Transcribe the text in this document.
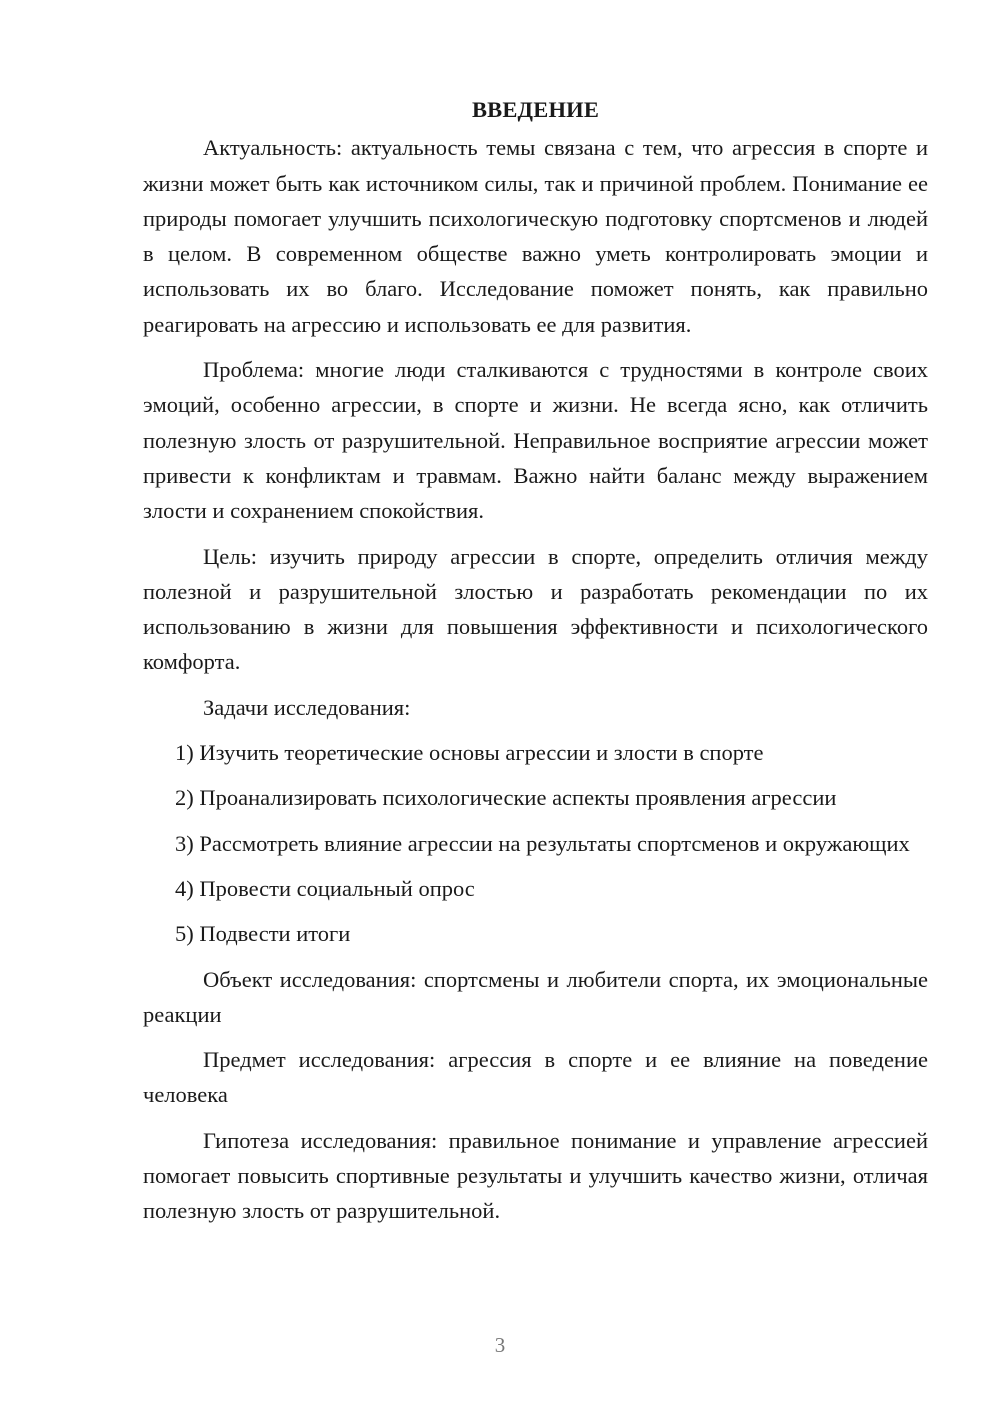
ВВЕДЕНИЕ

Актуальность: актуальность темы связана с тем, что агрессия в спорте и жизни может быть как источником силы, так и причиной проблем. Понимание ее природы помогает улучшить психологическую подготовку спортсменов и людей в целом. В современном обществе важно уметь контролировать эмоции и использовать их во благо. Исследование поможет понять, как правильно реагировать на агрессию и использовать ее для развития.

Проблема: многие люди сталкиваются с трудностями в контроле своих эмоций, особенно агрессии, в спорте и жизни. Не всегда ясно, как отличить полезную злость от разрушительной. Неправильное восприятие агрессии может привести к конфликтам и травмам. Важно найти баланс между выражением злости и сохранением спокойствия.

Цель: изучить природу агрессии в спорте, определить отличия между полезной и разрушительной злостью и разработать рекомендации по их использованию в жизни для повышения эффективности и психологического комфорта.

Задачи исследования:

1) Изучить теоретические основы агрессии и злости в спорте

2) Проанализировать психологические аспекты проявления агрессии

3) Рассмотреть влияние агрессии на результаты спортсменов и окружающих

4) Провести социальный опрос

5) Подвести итоги

Объект исследования: спортсмены и любители спорта, их эмоциональные реакции

Предмет исследования: агрессия в спорте и ее влияние на поведение человека

Гипотеза исследования: правильное понимание и управление агрессией помогает повысить спортивные результаты и улучшить качество жизни, отличая полезную злость от разрушительной.

3
